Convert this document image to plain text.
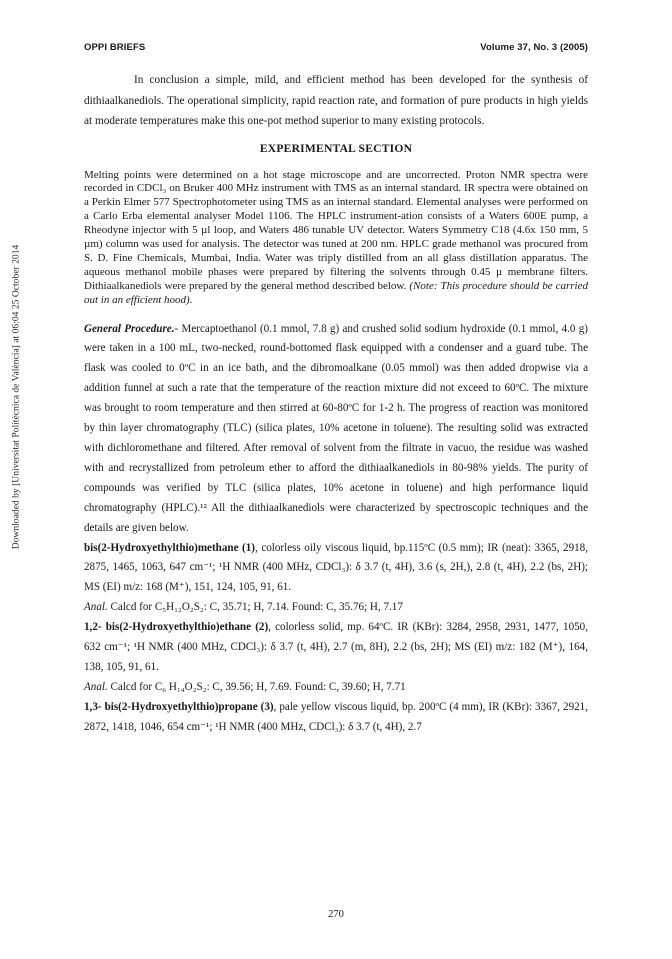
OPPI BRIEFS	Volume 37, No. 3 (2005)
Downloaded by [Universitat Politècnica de València] at 06:04 25 October 2014

In conclusion a simple, mild, and efficient method has been developed for the synthesis of dithiaalkanediols. The operational simplicity, rapid reaction rate, and formation of pure products in high yields at moderate temperatures make this one-pot method superior to many existing protocols.

EXPERIMENTAL SECTION

Melting points were determined on a hot stage microscope and are uncorrected. Proton NMR spectra were recorded in CDCl₃ on Bruker 400 MHz instrument with TMS as an internal standard. IR spectra were obtained on a Perkin Elmer 577 Spectrophotometer using TMS as an internal standard. Elemental analyses were performed on a Carlo Erba elemental analyser Model 1106. The HPLC instrument-ation consists of a Waters 600E pump, a Rheodyne injector with 5 µl loop, and Waters 486 tunable UV detector. Waters Symmetry C18 (4.6x 150 mm, 5 µm) column was used for analysis. The detector was tuned at 200 nm. HPLC grade methanol was procured from S. D. Fine Chemicals, Mumbai, India. Water was triply distilled from an all glass distillation apparatus. The aqueous methanol mobile phases were prepared by filtering the solvents through 0.45 µ membrane filters. Dithiaalkanediols were prepared by the general method described below. (Note: This procedure should be carried out in an efficient hood).

General Procedure.- Mercaptoethanol (0.1 mmol, 7.8 g) and crushed solid sodium hydroxide (0.1 mmol, 4.0 g) were taken in a 100 mL, two-necked, round-bottomed flask equipped with a condenser and a guard tube. The flask was cooled to 0ºC in an ice bath, and the dibromoalkane (0.05 mmol) was then added dropwise via a addition funnel at such a rate that the temperature of the reaction mixture did not exceed to 60ºC. The mixture was brought to room temperature and then stirred at 60-80ºC for 1-2 h. The progress of reaction was monitored by thin layer chromatography (TLC) (silica plates, 10% acetone in toluene). The resulting solid was extracted with dichloromethane and filtered. After removal of solvent from the filtrate in vacuo, the residue was washed with and recrystallized from petroleum ether to afford the dithiaalkanediols in 80-98% yields. The purity of compounds was verified by TLC (silica plates, 10% acetone in toluene) and high performance liquid chromatography (HPLC).¹² All the dithiaalkanediols were characterized by spectroscopic techniques and the details are given below.

bis(2-Hydroxyethylthio)methane (1), colorless oily viscous liquid, bp.115ºC (0.5 mm); IR (neat): 3365, 2918, 2875, 1465, 1063, 647 cm⁻¹; ¹H NMR (400 MHz, CDCl₃): δ 3.7 (t, 4H), 3.6 (s, 2H,), 2.8 (t, 4H), 2.2 (bs, 2H); MS (EI) m/z: 168 (M⁺), 151, 124, 105, 91, 61.

Anal. Calcd for C₅H₁₂O₂S₂: C, 35.71; H, 7.14. Found: C, 35.76; H, 7.17

1,2- bis(2-Hydroxyethylthio)ethane (2), colorless solid, mp. 64ºC. IR (KBr): 3284, 2958, 2931, 1477, 1050, 632 cm⁻¹; ¹H NMR (400 MHz, CDCl₃): δ 3.7 (t, 4H), 2.7 (m, 8H), 2.2 (bs, 2H); MS (EI) m/z: 182 (M⁺), 164, 138, 105, 91, 61.

Anal. Calcd for C₆ H₁₄O₂S₂: C, 39.56; H, 7.69. Found: C, 39.60; H, 7.71

1,3- bis(2-Hydroxyethylthio)propane (3), pale yellow viscous liquid, bp. 200ºC (4 mm), IR (KBr): 3367, 2921, 2872, 1418, 1046, 654 cm⁻¹; ¹H NMR (400 MHz, CDCl₃): δ 3.7 (t, 4H), 2.7

270
